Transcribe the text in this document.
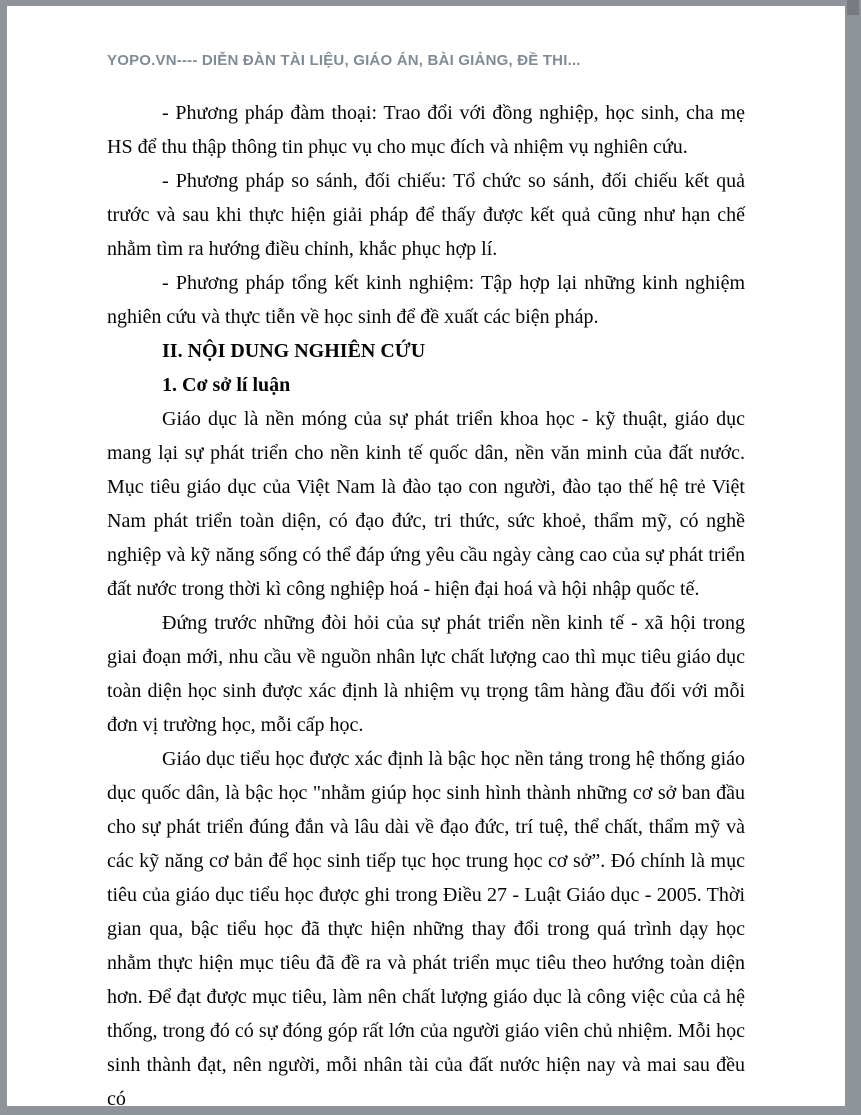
YOPO.VN---- DIỄN ĐÀN TÀI LIỆU, GIÁO ÁN, BÀI GIẢNG, ĐỀ THI...

- Phương pháp đàm thoại: Trao đổi với đồng nghiệp, học sinh, cha mẹ HS để thu thập thông tin phục vụ cho mục đích và nhiệm vụ nghiên cứu.

- Phương pháp so sánh, đối chiếu: Tổ chức so sánh, đối chiếu kết quả trước và sau khi thực hiện giải pháp để thấy được kết quả cũng như hạn chế nhằm tìm ra hướng điều chỉnh, khắc phục hợp lí.

- Phương pháp tổng kết kinh nghiệm: Tập hợp lại những kinh nghiệm nghiên cứu và thực tiễn về học sinh để đề xuất các biện pháp.

II. NỘI DUNG NGHIÊN CỨU

1. Cơ sở lí luận

Giáo dục là nền móng của sự phát triển khoa học - kỹ thuật, giáo dục mang lại sự phát triển cho nền kinh tế quốc dân, nền văn minh của đất nước. Mục tiêu giáo dục của Việt Nam là đào tạo con người, đào tạo thế hệ trẻ Việt Nam phát triển toàn diện, có đạo đức, tri thức, sức khoẻ, thẩm mỹ, có nghề nghiệp và kỹ năng sống có thể đáp ứng yêu cầu ngày càng cao của sự phát triển đất nước trong thời kì công nghiệp hoá - hiện đại hoá và hội nhập quốc tế.

Đứng trước những đòi hỏi của sự phát triển nền kinh tế - xã hội trong giai đoạn mới, nhu cầu về nguồn nhân lực chất lượng cao thì mục tiêu giáo dục toàn diện học sinh được xác định là nhiệm vụ trọng tâm hàng đầu đối với mỗi đơn vị trường học, mỗi cấp học.

Giáo dục tiểu học được xác định là bậc học nền tảng trong hệ thống giáo dục quốc dân, là bậc học "nhằm giúp học sinh hình thành những cơ sở ban đầu cho sự phát triển đúng đắn và lâu dài về đạo đức, trí tuệ, thể chất, thẩm mỹ và các kỹ năng cơ bản để học sinh tiếp tục học trung học cơ sở”. Đó chính là mục tiêu của giáo dục tiểu học được ghi trong Điều 27 - Luật Giáo dục - 2005. Thời gian qua, bậc tiểu học đã thực hiện những thay đổi trong quá trình dạy học nhằm thực hiện mục tiêu đã đề ra và phát triển mục tiêu theo hướng toàn diện hơn. Để đạt được mục tiêu, làm nên chất lượng giáo dục là công việc của cả hệ thống, trong đó có sự đóng góp rất lớn của người giáo viên chủ nhiệm. Mỗi học sinh thành đạt, nên người, mỗi nhân tài của đất nước hiện nay và mai sau đều có
